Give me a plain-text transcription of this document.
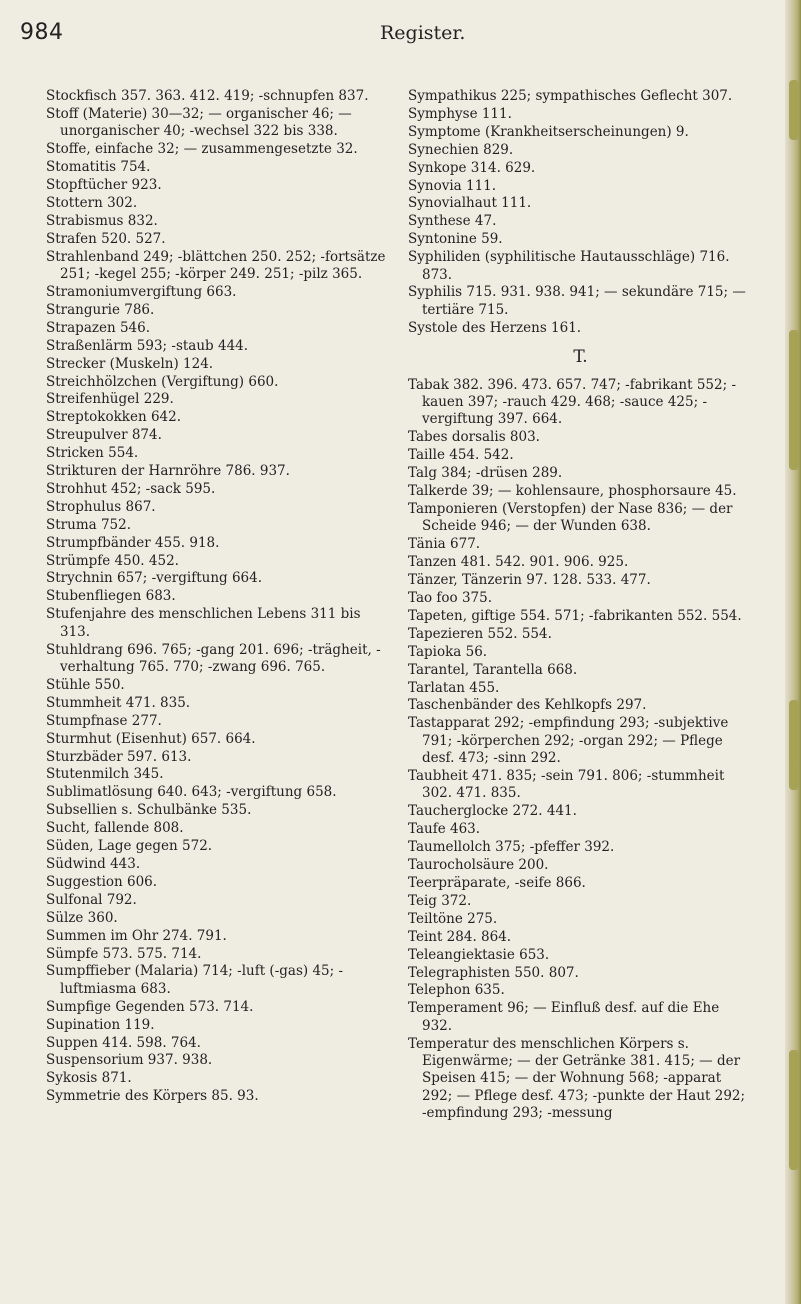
984	Register.

Stockfisch 357. 363. 412. 419; -schnupfen 837.

Stoff (Materie) 30—32; — organischer 46; — unorganischer 40; -wechsel 322 bis 338.

Stoffe, einfache 32; — zusammengesetzte 32.

Stomatitis 754.

Stopftücher 923.

Stottern 302.

Strabismus 832.

Strafen 520. 527.

Strahlenband 249; -blättchen 250. 252; -fortsätze 251; -kegel 255; -körper 249. 251; -pilz 365.

Stramoniumvergiftung 663.

Strangurie 786.

Strapazen 546.

Straßenlärm 593; -staub 444.

Strecker (Muskeln) 124.

Streichhölzchen (Vergiftung) 660.

Streifenhügel 229.

Streptokokken 642.

Streupulver 874.

Stricken 554.

Strikturen der Harnröhre 786. 937.

Strohhut 452; -sack 595.

Strophulus 867.

Struma 752.

Strumpfbänder 455. 918.

Strümpfe 450. 452.

Strychnin 657; -vergiftung 664.

Stubenfliegen 683.

Stufenjahre des menschlichen Lebens 311 bis 313.

Stuhldrang 696. 765; -gang 201. 696; -trägheit, -verhaltung 765. 770; -zwang 696. 765.

Stühle 550.

Stummheit 471. 835.

Stumpfnase 277.

Sturmhut (Eisenhut) 657. 664.

Sturzbäder 597. 613.

Stutenmilch 345.

Sublimatlösung 640. 643; -vergiftung 658.

Subsellien s. Schulbänke 535.

Sucht, fallende 808.

Süden, Lage gegen 572.

Südwind 443.

Suggestion 606.

Sulfonal 792.

Sülze 360.

Summen im Ohr 274. 791.

Sümpfe 573. 575. 714.

Sumpffieber (Malaria) 714; -luft (-gas) 45; -luftmiasma 683.

Sumpfige Gegenden 573. 714.

Supination 119.

Suppen 414. 598. 764.

Suspensorium 937. 938.

Sykosis 871.

Symmetrie des Körpers 85. 93.

Sympathikus 225; sympathisches Geflecht 307.

Symphyse 111.

Symptome (Krankheitserscheinungen) 9.

Synechien 829.

Synkope 314. 629.

Synovia 111.

Synovialhaut 111.

Synthese 47.

Syntonine 59.

Syphiliden (syphilitische Hautausschläge) 716. 873.

Syphilis 715. 931. 938. 941; — sekundäre 715; — tertiäre 715.

Systole des Herzens 161.

T.

Tabak 382. 396. 473. 657. 747; -fabrikant 552; -kauen 397; -rauch 429. 468; -sauce 425; -vergiftung 397. 664.

Tabes dorsalis 803.

Taille 454. 542.

Talg 384; -drüsen 289.

Talkerde 39; — kohlensaure, phosphorsaure 45.

Tamponieren (Verstopfen) der Nase 836; — der Scheide 946; — der Wunden 638.

Tänia 677.

Tanzen 481. 542. 901. 906. 925.

Tänzer, Tänzerin 97. 128. 533. 477.

Tao foo 375.

Tapeten, giftige 554. 571; -fabrikanten 552. 554.

Tapezieren 552. 554.

Tapioka 56.

Tarantel, Tarantella 668.

Tarlatan 455.

Taschenbänder des Kehlkopfs 297.

Tastapparat 292; -empfindung 293; -subjektive 791; -körperchen 292; -organ 292; — Pflege desf. 473; -sinn 292.

Taubheit 471. 835; -sein 791. 806; -stummheit 302. 471. 835.

Taucherglocke 272. 441.

Taufe 463.

Taumellolch 375; -pfeffer 392.

Taurocholsäure 200.

Teerpräparate, -seife 866.

Teig 372.

Teiltöne 275.

Teint 284. 864.

Teleangiektasie 653.

Telegraphisten 550. 807.

Telephon 635.

Temperament 96; — Einfluß desf. auf die Ehe 932.

Temperatur des menschlichen Körpers s. Eigenwärme; — der Getränke 381. 415; — der Speisen 415; — der Wohnung 568; -apparat 292; — Pflege desf. 473; -punkte der Haut 292; -empfindung 293; -messung
